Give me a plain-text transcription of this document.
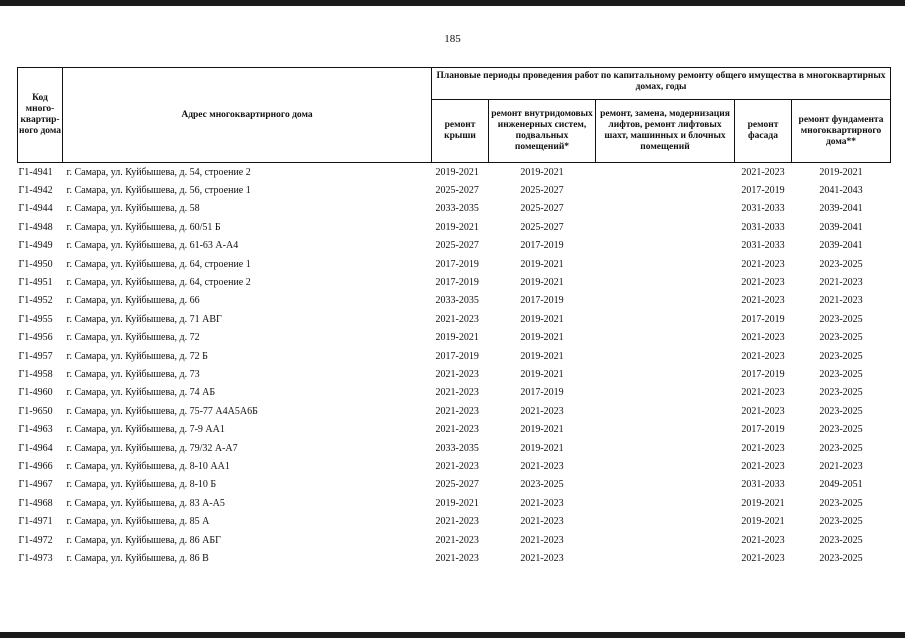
185
Код много-квартир-ного дома	Адрес многоквартирного дома	Плановые периоды проведения работ по капитальному ремонту общего имущества в многоквартирных домах, годы				
		ремонт крыши	ремонт внутридомовых инженерных систем, подвальных помещений*	ремонт, замена, модернизация лифтов, ремонт лифтовых шахт, машинных и блочных помещений	ремонт фасада	ремонт фундамента многоквартирного дома**
Г1-4941	г. Самара, ул. Куйбышева, д. 54, строение 2	2019-2021	2019-2021		2021-2023	2019-2021
Г1-4942	г. Самара, ул. Куйбышева, д. 56, строение 1	2025-2027	2025-2027		2017-2019	2041-2043
Г1-4944	г. Самара, ул. Куйбышева, д. 58	2033-2035	2025-2027		2031-2033	2039-2041
Г1-4948	г. Самара, ул. Куйбышева, д. 60/51 Б	2019-2021	2025-2027		2031-2033	2039-2041
Г1-4949	г. Самара, ул. Куйбышева, д. 61-63 А-А4	2025-2027	2017-2019		2031-2033	2039-2041
Г1-4950	г. Самара, ул. Куйбышева, д. 64, строение 1	2017-2019	2019-2021		2021-2023	2023-2025
Г1-4951	г. Самара, ул. Куйбышева, д. 64, строение 2	2017-2019	2019-2021		2021-2023	2021-2023
Г1-4952	г. Самара, ул. Куйбышева, д. 66	2033-2035	2017-2019		2021-2023	2021-2023
Г1-4955	г. Самара, ул. Куйбышева, д. 71 АВГ	2021-2023	2019-2021		2017-2019	2023-2025
Г1-4956	г. Самара, ул. Куйбышева, д. 72	2019-2021	2019-2021		2021-2023	2023-2025
Г1-4957	г. Самара, ул. Куйбышева, д. 72 Б	2017-2019	2019-2021		2021-2023	2023-2025
Г1-4958	г. Самара, ул. Куйбышева, д. 73	2021-2023	2019-2021		2017-2019	2023-2025
Г1-4960	г. Самара, ул. Куйбышева, д. 74 АБ	2021-2023	2017-2019		2021-2023	2023-2025
Г1-9650	г. Самара, ул. Куйбышева, д. 75-77 А4А5А6Б	2021-2023	2021-2023		2021-2023	2023-2025
Г1-4963	г. Самара, ул. Куйбышева, д. 7-9 АА1	2021-2023	2019-2021		2017-2019	2023-2025
Г1-4964	г. Самара, ул. Куйбышева, д. 79/32 А-А7	2033-2035	2019-2021		2021-2023	2023-2025
Г1-4966	г. Самара, ул. Куйбышева, д. 8-10 АА1	2021-2023	2021-2023		2021-2023	2021-2023
Г1-4967	г. Самара, ул. Куйбышева, д. 8-10 Б	2025-2027	2023-2025		2031-2033	2049-2051
Г1-4968	г. Самара, ул. Куйбышева, д. 83 А-А5	2019-2021	2021-2023		2019-2021	2023-2025
Г1-4971	г. Самара, ул. Куйбышева, д. 85 А	2021-2023	2021-2023		2019-2021	2023-2025
Г1-4972	г. Самара, ул. Куйбышева, д. 86 АБГ	2021-2023	2021-2023		2021-2023	2023-2025
Г1-4973	г. Самара, ул. Куйбышева, д. 86 В	2021-2023	2021-2023		2021-2023	2023-2025
